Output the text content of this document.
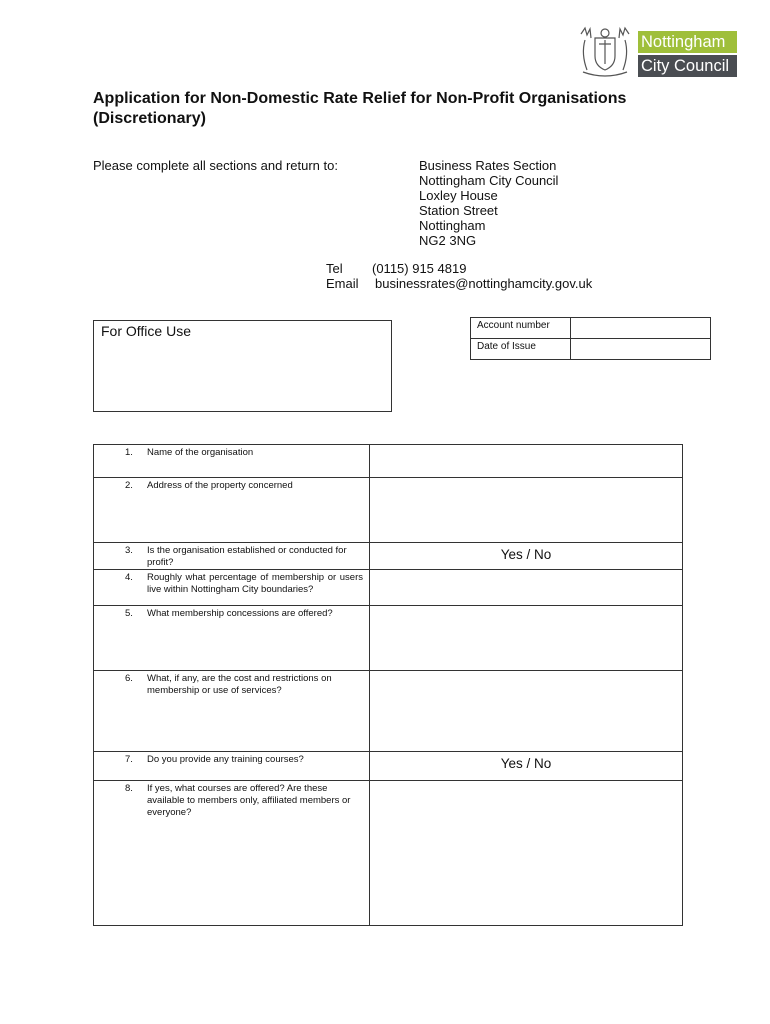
Nottingham
City Council
Application for Non-Domestic Rate Relief for Non-Profit Organisations (Discretionary)
Please complete all sections and return to:	Business Rates Section
Nottingham City Council
Loxley House
Station Street
Nottingham
NG2 3NG
Tel (0115) 915 4819
Email businessrates@nottinghamcity.gov.uk
For Office Use	Account number	
Date of Issue	
1. Name of the organisation	

2. Address of the property concerned	

3. Is the organisation established or conducted for profit?	Yes / No

4. Roughly what percentage of membership or users live within Nottingham City boundaries?	

5. What membership concessions are offered?	

6. What, if any, are the cost and restrictions on membership or use of services?	

7. Do you provide any training courses?	Yes / No

8. If yes, what courses are offered? Are these available to members only, affiliated members or everyone?	
